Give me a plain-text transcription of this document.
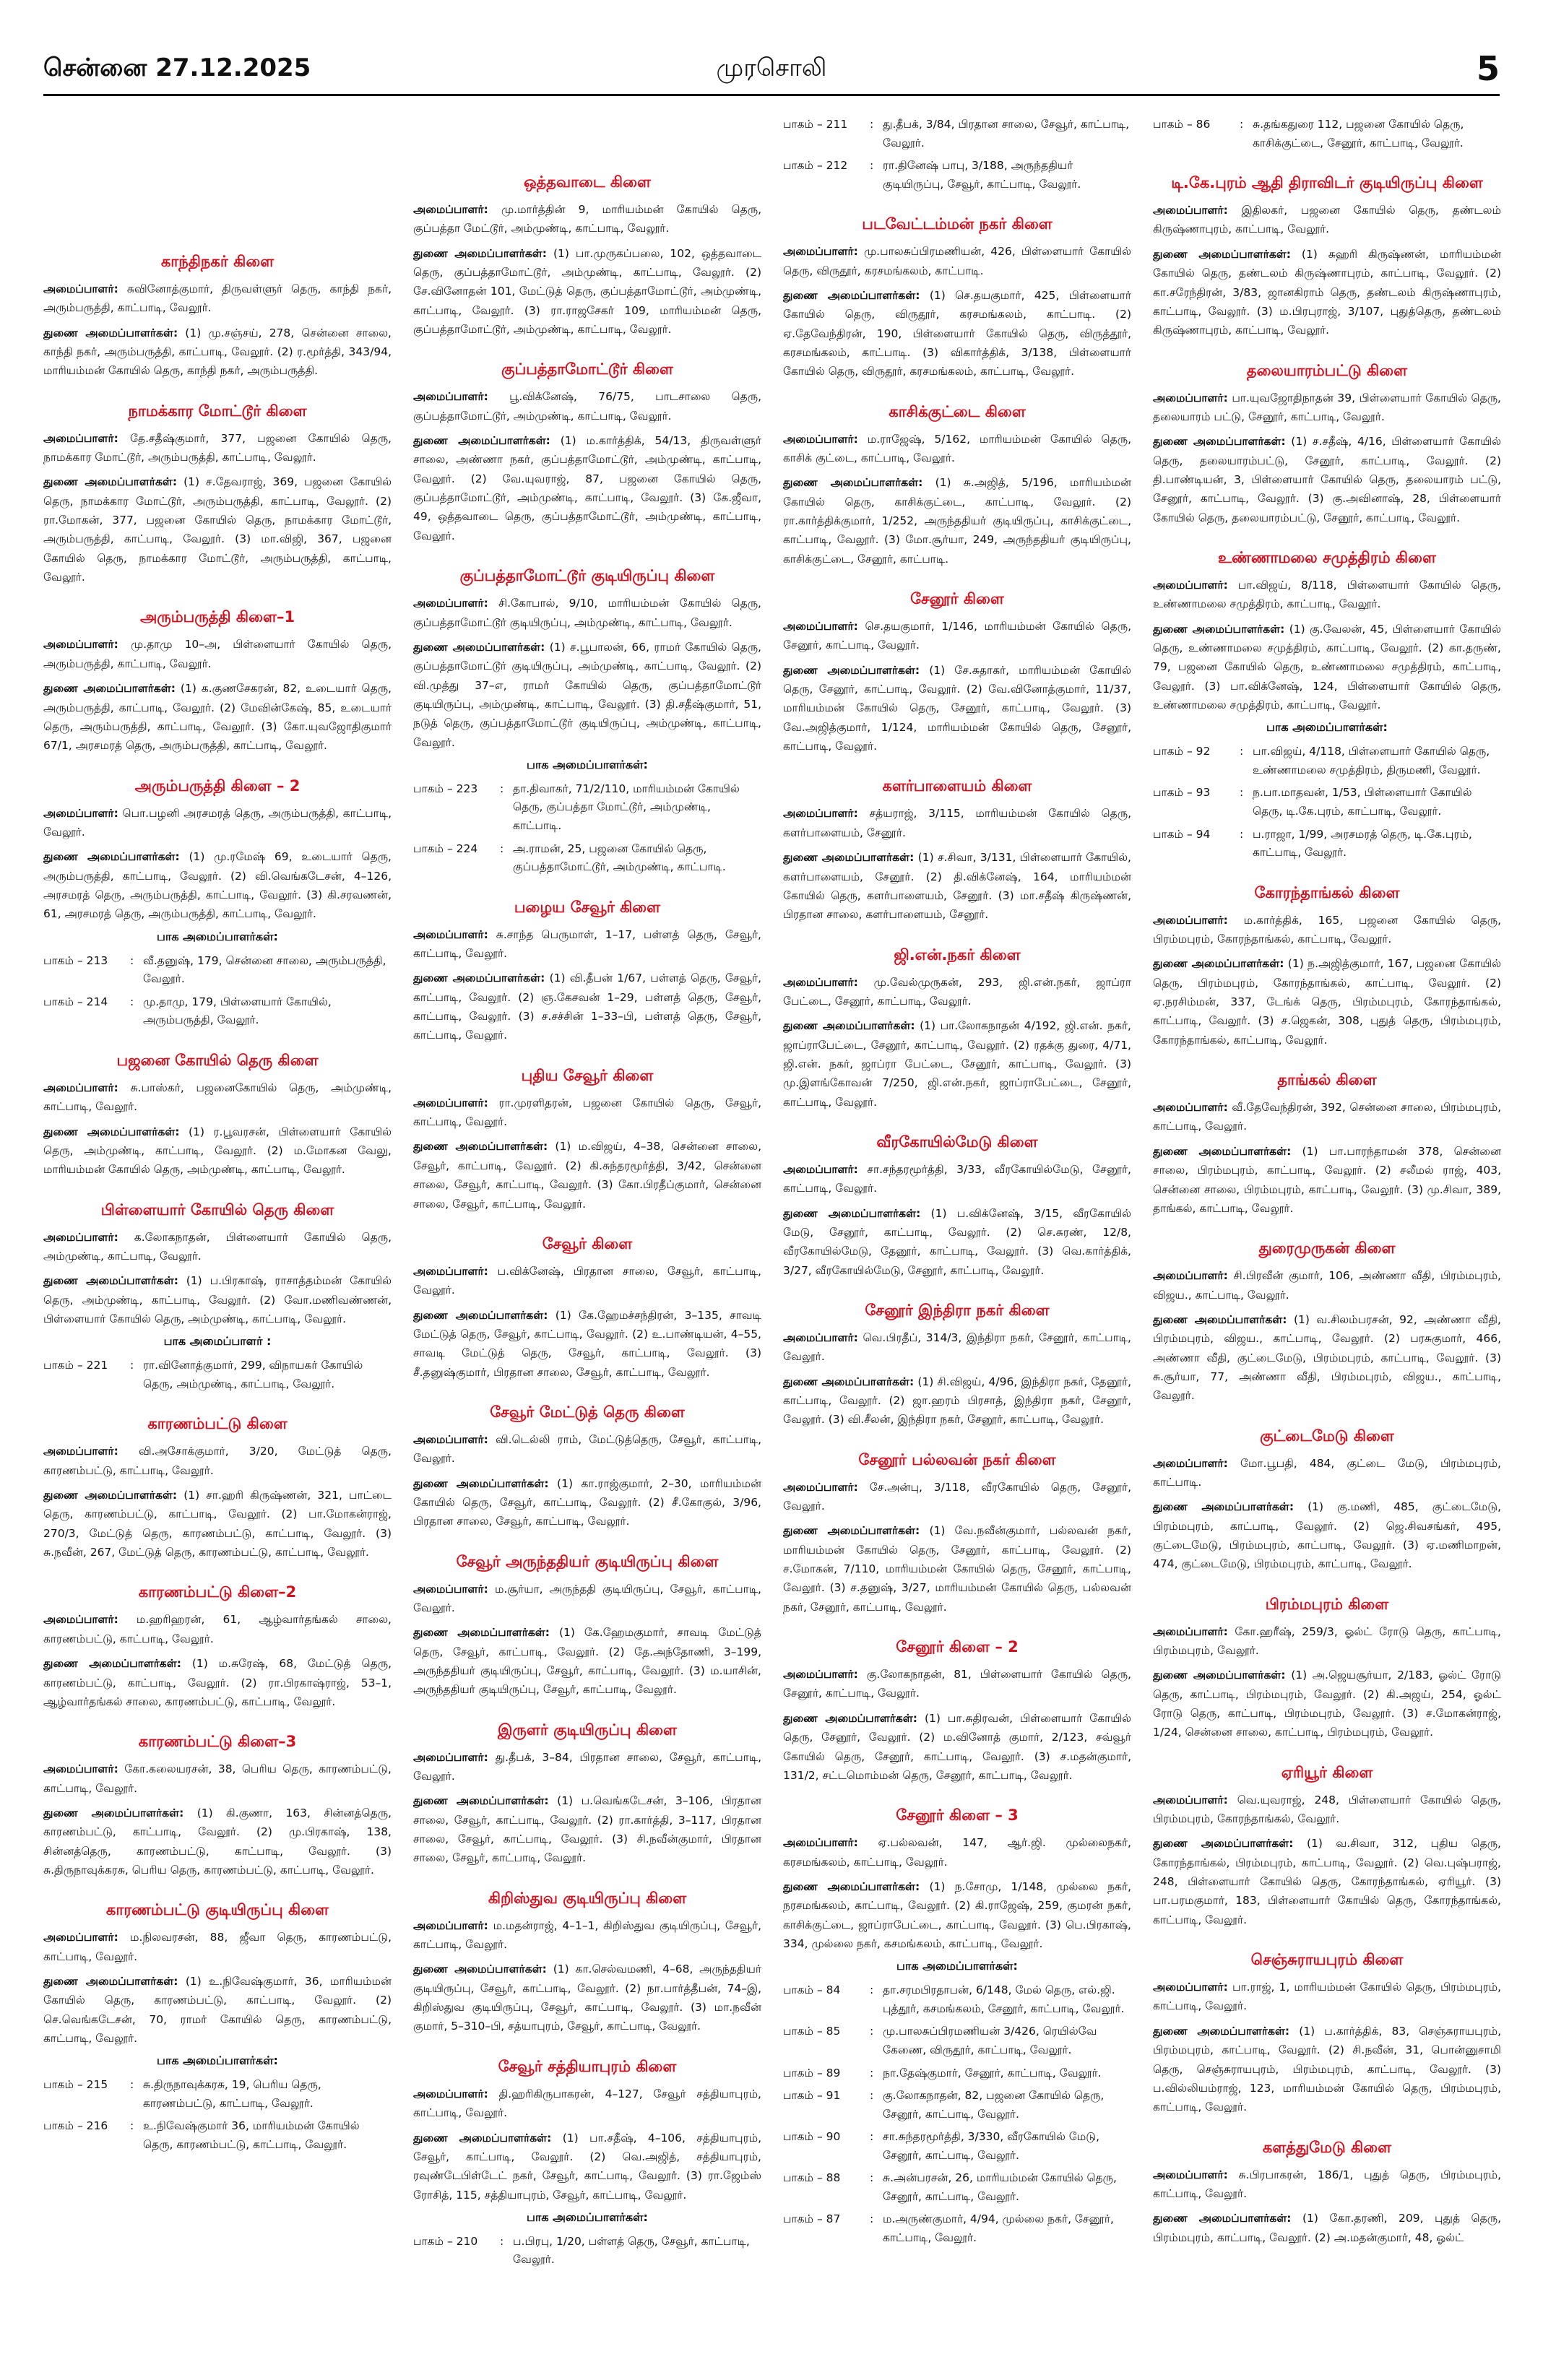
சென்னை 27.12.2025	முரசொலி	5
காந்திநகர் கிளை

அமைப்பாளர்: சுவினோத்குமார், திருவள்ளுர் தெரு, காந்தி நகர், அரும்பருத்தி, காட்பாடி, வேலூர்.

துணை அமைப்பாளர்கள்: (1) மு.சஞ்சய், 278, சென்னை சாலை, காந்தி நகர், அரும்பருத்தி, காட்பாடி, வேலூர். (2) ர.மூர்த்தி, 343/94, மாரியம்மன் கோயில் தெரு, காந்தி நகர், அரும்பருத்தி.

நாமக்கார மோட்டூர் கிளை

அமைப்பாளர்: தே.சதீஷ்குமார், 377, பஜனை கோயில் தெரு, நாமக்கார மோட்டூர், அரும்பருத்தி, காட்பாடி, வேலூர்.

துணை அமைப்பாளர்கள்: (1) ச.தேவராஜ், 369, பஜனை கோயில் தெரு, நாமக்கார மோட்டூர், அரும்பருத்தி, காட்பாடி, வேலூர். (2) ரா.மோகன், 377, பஜனை கோயில் தெரு, நாமக்கார மோட்டூர், அரும்பருத்தி, காட்பாடி, வேலூர். (3) மா.விஜி, 367, பஜனை கோயில் தெரு, நாமக்கார மோட்டூர், அரும்பருத்தி, காட்பாடி, வேலூர்.

அரும்பருத்தி கிளை–1

அமைப்பாளர்: மு.தாமு 10–அ, பிள்ளையார் கோயில் தெரு, அரும்பருத்தி, காட்பாடி, வேலூர்.

துணை அமைப்பாளர்கள்: (1) க.குணசேகரன், 82, உடையார் தெரு, அரும்பருத்தி, காட்பாடி, வேலூர். (2) மேவின்கேஷ், 85, உடையார் தெரு, அரும்பருத்தி, காட்பாடி, வேலூர். (3) கோ.யுவஜோதிகுமார் 67/1, அரசமரத் தெரு, அரும்பருத்தி, காட்பாடி, வேலூர்.

அரும்பருத்தி கிளை – 2

அமைப்பாளர்: பொ.பழனி அரசமரத் தெரு, அரும்பருத்தி, காட்பாடி, வேலூர்.

துணை அமைப்பாளர்கள்: (1) மு.ரமேஷ் 69, உடையார் தெரு, அரும்பருத்தி, காட்பாடி, வேலூர். (2) வி.வெங்கடேசன், 4–126, அரசமரத் தெரு, அரும்பருத்தி, காட்பாடி, வேலூர். (3) கி.சரவணன், 61, அரசமரத் தெரு, அரும்பருத்தி, காட்பாடி, வேலூர்.

பாக அமைப்பாளர்கள்:
பாகம் – 213	: வீ.தனுஷ், 179, சென்னை சாலை, அரும்பருத்தி, வேலூர்.
பாகம் – 214	: மு.தாமு, 179, பிள்ளையார் கோயில், அரும்பருத்தி, வேலூர்.
பஜனை கோயில் தெரு கிளை

அமைப்பாளர்: சு.பாஸ்கர், பஜனைகோயில் தெரு, அம்முண்டி, காட்பாடி, வேலூர்.

துணை அமைப்பாளர்கள்: (1) ர.பூவரசன், பிள்ளையார் கோயில் தெரு, அம்முண்டி, காட்பாடி, வேலூர். (2) ம.மோகன வேலு, மாரியம்மன் கோயில் தெரு, அம்முண்டி, காட்பாடி, வேலூர்.

பிள்ளையார் கோயில் தெரு கிளை

அமைப்பாளர்: க.லோகநாதன், பிள்ளையார் கோயில் தெரு, அம்முண்டி, காட்பாடி, வேலூர்.

துணை அமைப்பாளர்கள்: (1) ப.பிரகாஷ், ராசாத்தம்மன் கோயில் தெரு, அம்முண்டி, காட்பாடி, வேலூர். (2) வோ.மணிவண்ணன், பிள்ளையார் கோயில் தெரு, அம்முண்டி, காட்பாடி, வேலூர்.

பாக அமைப்பாளர் :
பாகம் – 221	: ரா.வினோத்குமார், 299, விநாயகர் கோயில் தெரு, அம்முண்டி, காட்பாடி, வேலூர்.
காரணம்பட்டு கிளை

அமைப்பாளர்: வி.அசோக்குமார், 3/20, மேட்டுத் தெரு, காரணம்பட்டு, காட்பாடி, வேலூர்.

துணை அமைப்பாளர்கள்: (1) சா.ஹரி கிருஷ்ணன், 321, பாட்டை தெரு, காரணம்பட்டு, காட்பாடி, வேலூர். (2) பா.மோகன்ராஜ், 270/3, மேட்டுத் தெரு, காரணம்பட்டு, காட்பாடி, வேலூர். (3) சு.நவீன், 267, மேட்டுத் தெரு, காரணம்பட்டு, காட்பாடி, வேலூர்.

காரணம்பட்டு கிளை–2

அமைப்பாளர்: ம.ஹரிஹரன், 61, ஆழ்வார்தங்கல் சாலை, காரணம்பட்டு, காட்பாடி, வேலூர்.

துணை அமைப்பாளர்கள்: (1) ம.சுரேஷ், 68, மேட்டுத் தெரு, காரணம்பட்டு, காட்பாடி, வேலூர். (2) ரா.பிரகாஷ்ராஜ், 53–1, ஆழ்வார்தங்கல் சாலை, காரணம்பட்டு, காட்பாடி, வேலூர்.

காரணம்பட்டு கிளை–3

அமைப்பாளர்: கோ.கலையரசன், 38, பெரிய தெரு, காரணம்பட்டு, காட்பாடி, வேலூர்.

துணை அமைப்பாளர்கள்: (1) கி.குணா, 163, சின்னத்தெரு, காரணம்பட்டு, காட்பாடி, வேலூர். (2) மு.பிரகாஷ், 138, சின்னத்தெரு, காரணம்பட்டு, காட்பாடி, வேலூர். (3) சு.திருநாவுக்கரசு, பெரிய தெரு, காரணம்பட்டு, காட்பாடி, வேலூர்.

காரணம்பட்டு குடியிருப்பு கிளை

அமைப்பாளர்: ம.நிலவரசன், 88, ஜீவா தெரு, காரணம்பட்டு, காட்பாடி, வேலூர்.

துணை அமைப்பாளர்கள்: (1) உ.நிவேஷ்குமார், 36, மாரியம்மன் கோயில் தெரு, காரணம்பட்டு, காட்பாடி, வேலூர். (2) செ.வெங்கடேசன், 70, ராமர் கோயில் தெரு, காரணம்பட்டு, காட்பாடி, வேலூர்.

பாக அமைப்பாளர்கள்:
பாகம் – 215	: சு.திருநாவுக்கரசு, 19, பெரிய தெரு, காரணம்பட்டு, காட்பாடி, வேலூர்.
பாகம் – 216	: உ.நிவேஷ்குமார் 36, மாரியம்மன் கோயில் தெரு, காரணம்பட்டு, காட்பாடி, வேலூர்.
ஒத்தவாடை கிளை

அமைப்பாளர்: மு.மார்த்தின் 9, மாரியம்மன் கோயில் தெரு, குப்பத்தா மேட்டூர், அம்முண்டி, காட்பாடி, வேலூர்.

துணை அமைப்பாளர்கள்: (1) பா.முருகப்பலை, 102, ஒத்தவாடை தெரு, குப்பத்தாமோட்டூர், அம்முண்டி, காட்பாடி, வேலூர். (2) சே.வினோதன் 101, மேட்டுத் தெரு, குப்பத்தாமோட்டூர், அம்முண்டி, காட்பாடி, வேலூர். (3) ரா.ராஜசேகர் 109, மாரியம்மன் தெரு, குப்பத்தாமோட்டூர், அம்முண்டி, காட்பாடி, வேலூர்.

குப்பத்தாமோட்டூர் கிளை

அமைப்பாளர்: பூ.விக்னேஷ், 76/75, பாடசாலை தெரு, குப்பத்தாமோட்டூர், அம்முண்டி, காட்பாடி, வேலூர்.

துணை அமைப்பாளர்கள்: (1) ம.கார்த்திக், 54/13, திருவள்ளுர் சாலை, அண்ணா நகர், குப்பத்தாமோட்டூர், அம்முண்டி, காட்பாடி, வேலூர். (2) வே.யுவராஜ், 87, பஜனை கோயில் தெரு, குப்பத்தாமோட்டூர், அம்முண்டி, காட்பாடி, வேலூர். (3) கே.ஜீவா, 49, ஒத்தவாடை தெரு, குப்பத்தாமோட்டூர், அம்முண்டி, காட்பாடி, வேலூர்.

குப்பத்தாமோட்டூர் குடியிருப்பு கிளை

அமைப்பாளர்: சி.கோபால், 9/10, மாரியம்மன் கோயில் தெரு, குப்பத்தாமோட்டூர் குடியிருப்பு, அம்முண்டி, காட்பாடி, வேலூர்.

துணை அமைப்பாளர்கள்: (1) ச.பூபாலன், 66, ராமர் கோயில் தெரு, குப்பத்தாமோட்டூர் குடியிருப்பு, அம்முண்டி, காட்பாடி, வேலூர். (2) வி.முத்து 37–எ, ராமர் கோயில் தெரு, குப்பத்தாமோட்டூர் குடியிருப்பு, அம்முண்டி, காட்பாடி, வேலூர். (3) தி.சதீஷ்குமார், 51, நடுத் தெரு, குப்பத்தாமோட்டூர் குடியிருப்பு, அம்முண்டி, காட்பாடி, வேலூர்.

பாக அமைப்பாளர்கள்:
பாகம் – 223	: தா.திவாகர், 71/2/110, மாரியம்மன் கோயில் தெரு, குப்பத்தா மோட்டூர், அம்முண்டி, காட்பாடி.
பாகம் – 224	: அ.ராமன், 25, பஜனை கோயில் தெரு, குப்பத்தாமோட்டூர், அம்முண்டி, காட்பாடி.
பழைய சேவூர் கிளை

அமைப்பாளர்: சு.சாந்த பெருமாள், 1–17, பள்ளத் தெரு, சேவூர், காட்பாடி, வேலூர்.

துணை அமைப்பாளர்கள்: (1) வி.தீபன் 1/67, பள்ளத் தெரு, சேவூர், காட்பாடி, வேலூர். (2) ஞ.கேசவன் 1–29, பள்ளத் தெரு, சேவூர், காட்பாடி, வேலூர். (3) ச.சச்சின் 1–33–பி, பள்ளத் தெரு, சேவூர், காட்பாடி, வேலூர்.

புதிய சேவூர் கிளை

அமைப்பாளர்: ரா.முரளிதரன், பஜனை கோயில் தெரு, சேவூர், காட்பாடி, வேலூர்.

துணை அமைப்பாளர்கள்: (1) ம.விஜய், 4–38, சென்னை சாலை, சேவூர், காட்பாடி, வேலூர். (2) கி.சுந்தரமூர்த்தி, 3/42, சென்னை சாலை, சேவூர், காட்பாடி, வேலூர். (3) கோ.பிரதீப்குமார், சென்னை சாலை, சேவூர், காட்பாடி, வேலூர்.

சேவூர் கிளை

அமைப்பாளர்: ப.விக்னேஷ், பிரதான சாலை, சேவூர், காட்பாடி, வேலூர்.

துணை அமைப்பாளர்கள்: (1) கே.ஹேமச்சந்திரன், 3–135, சாவடி மேட்டுத் தெரு, சேவூர், காட்பாடி, வேலூர். (2) உ.பாண்டியன், 4–55, சாவடி மேட்டுத் தெரு, சேவூர், காட்பாடி, வேலூர். (3) சீ.தனுஷ்குமார், பிரதான சாலை, சேவூர், காட்பாடி, வேலூர்.

சேவூர் மேட்டுத் தெரு கிளை

அமைப்பாளர்: வி.டெல்லி ராம், மேட்டுத்தெரு, சேவூர், காட்பாடி, வேலூர்.

துணை அமைப்பாளர்கள்: (1) கா.ராஜ்குமார், 2–30, மாரியம்மன் கோயில் தெரு, சேவூர், காட்பாடி, வேலூர். (2) சீ.கோகுல், 3/96, பிரதான சாலை, சேவூர், காட்பாடி, வேலூர்.

சேவூர் அருந்ததியர் குடியிருப்பு கிளை

அமைப்பாளர்: ம.சூர்யா, அருந்ததி குடியிருப்பு, சேவூர், காட்பாடி, வேலூர்.

துணை அமைப்பாளர்கள்: (1) கே.ஹேமகுமார், சாவடி மேட்டுத் தெரு, சேவூர், காட்பாடி, வேலூர். (2) தே.அந்தோணி, 3–199, அருந்ததியர் குடியிருப்பு, சேவூர், காட்பாடி, வேலூர். (3) ம.யாசின், அருந்ததியர் குடியிருப்பு, சேவூர், காட்பாடி, வேலூர்.

இருளர் குடியிருப்பு கிளை

அமைப்பாளர்: து.தீபக், 3–84, பிரதான சாலை, சேவூர், காட்பாடி, வேலூர்.

துணை அமைப்பாளர்கள்: (1) ப.வெங்கடேசன், 3–106, பிரதான சாலை, சேவூர், காட்பாடி, வேலூர். (2) ரா.கார்த்தி, 3–117, பிரதான சாலை, சேவூர், காட்பாடி, வேலூர். (3) சி.நவீன்குமார், பிரதான சாலை, சேவூர், காட்பாடி, வேலூர்.

கிறிஸ்துவ குடியிருப்பு கிளை

அமைப்பாளர்: ம.மதன்ராஜ், 4–1–1, கிறிஸ்துவ குடியிருப்பு, சேவூர், காட்பாடி, வேலூர்.

துணை அமைப்பாளர்கள்: (1) கா.செல்வமணி, 4–68, அருந்ததியர் குடியிருப்பு, சேவூர், காட்பாடி, வேலூர். (2) நா.பார்த்தீபன், 74–இ, கிறிஸ்துவ குடியிருப்பு, சேவூர், காட்பாடி, வேலூர். (3) மா.நவீன் குமார், 5–310–பி, சத்யாபுரம், சேவூர், காட்பாடி, வேலூர்.

சேவூர் சத்தியாபுரம் கிளை

அமைப்பாளர்: தி.ஹரிகிருபாகரன், 4–127, சேவூர் சத்தியாபுரம், காட்பாடி, வேலூர்.

துணை அமைப்பாளர்கள்: (1) பா.சதீஷ், 4–106, சத்தியாபுரம், சேவூர், காட்பாடி, வேலூர். (2) வெ.அஜித், சத்தியாபுரம், ரவுண்டேபிள்டேட் நகர், சேவூர், காட்பாடி, வேலூர். (3) ரா.ஜேம்ஸ் ரோசித், 115, சத்தியாபுரம், சேவூர், காட்பாடி, வேலூர்.

பாக அமைப்பாளர்கள்:
பாகம் – 210	: ப.பிரபு, 1/20, பள்ளத் தெரு, சேவூர், காட்பாடி, வேலூர்.
பாகம் – 211	: து.தீபக், 3/84, பிரதான சாலை, சேவூர், காட்பாடி, வேலூர்.
பாகம் – 212	: ரா.தினேஷ் பாபு, 3/188, அருந்ததியர் குடியிருப்பு, சேவூர், காட்பாடி, வேலூர்.
படவேட்டம்மன் நகர் கிளை

அமைப்பாளர்: மு.பாலசுப்பிரமணியன், 426, பிள்ளையார் கோயில் தெரு, விருதூர், கரசமங்கலம், காட்பாடி.

துணை அமைப்பாளர்கள்: (1) செ.தயகுமார், 425, பிள்ளையார் கோயில் தெரு, விருதூர், கரசமங்கலம், காட்பாடி. (2) ஏ.தேவேந்திரன், 190, பிள்ளையார் கோயில் தெரு, விருத்தூர், கரசமங்கலம், காட்பாடி. (3) விகார்த்திக், 3/138, பிள்ளையார் கோயில் தெரு, விருதூர், கரசமங்கலம், காட்பாடி, வேலூர்.

காசிக்குட்டை கிளை

அமைப்பாளர்: ம.ராஜேஷ், 5/162, மாரியம்மன் கோயில் தெரு, காசிக் குட்டை, காட்பாடி, வேலூர்.

துணை அமைப்பாளர்கள்: (1) சு.அஜித், 5/196, மாரியம்மன் கோயில் தெரு, காசிக்குட்டை, காட்பாடி, வேலூர். (2) ரா.கார்த்திக்குமார், 1/252, அருந்ததியர் குடியிருப்பு, காசிக்குட்டை, காட்பாடி, வேலூர். (3) மோ.சூர்யா, 249, அருந்ததியர் குடியிருப்பு, காசிக்குட்டை, சேனூர், காட்பாடி.

சேனூர் கிளை

அமைப்பாளர்: செ.தயகுமார், 1/146, மாரியம்மன் கோயில் தெரு, சேனூர், காட்பாடி, வேலூர்.

துணை அமைப்பாளர்கள்: (1) சே.சுதாகர், மாரியம்மன் கோயில் தெரு, சேனூர், காட்பாடி, வேலூர். (2) வே.வினோத்குமார், 11/37, மாரியம்மன் கோயில் தெரு, சேனூர், காட்பாடி, வேலூர். (3) வே.அஜித்குமார், 1/124, மாரியம்மன் கோயில் தெரு, சேனூர், காட்பாடி, வேலூர்.

களர்பாளையம் கிளை

அமைப்பாளர்: சத்யராஜ், 3/115, மாரியம்மன் கோயில் தெரு, களர்பாளையம், சேனூர்.

துணை அமைப்பாளர்கள்: (1) ச.சிவா, 3/131, பிள்ளையார் கோயில், களர்பாளையம், சேனூர். (2) தி.விக்னேஷ், 164, மாரியம்மன் கோயில் தெரு, களர்பாளையம், சேனூர். (3) மா.சதீஷ் கிருஷ்ணன், பிரதான சாலை, களர்பாளையம், சேனூர்.

ஜி.என்.நகர் கிளை

அமைப்பாளர்: மு.வேல்முருகன், 293, ஜி.என்.நகர், ஜாப்ரா பேட்டை, சேனூர், காட்பாடி, வேலூர்.

துணை அமைப்பாளர்கள்: (1) பா.லோகநாதன் 4/192, ஜி.என். நகர், ஜாப்ராபேட்டை, சேனூர், காட்பாடி, வேலூர். (2) ரதக்கு துரை, 4/71, ஜி.என். நகர், ஜாப்ரா பேட்டை, சேனூர், காட்பாடி, வேலூர். (3) மு.இளங்கோவன் 7/250, ஜி.என்.நகர், ஜாப்ராபேட்டை, சேனூர், காட்பாடி, வேலூர்.

வீரகோயில்மேடு கிளை

அமைப்பாளர்: சா.சந்தரமூர்த்தி, 3/33, வீரகோயில்மேடு, சேனூர், காட்பாடி, வேலூர்.

துணை அமைப்பாளர்கள்: (1) ப.விக்னேஷ், 3/15, வீரகோயில் மேடு, சேனூர், காட்பாடி, வேலூர். (2) செ.சுரண், 12/8, வீரகோயில்மேடு, தேனூர், காட்பாடி, வேலூர். (3) வெ.கார்த்திக், 3/27, வீரகோயில்மேடு, சேனூர், காட்பாடி, வேலூர்.

சேனூர் இந்திரா நகர் கிளை

அமைப்பாளர்: வெ.பிரதீப், 314/3, இந்திரா நகர், சேனூர், காட்பாடி, வேலூர்.

துணை அமைப்பாளர்கள்: (1) சி.விஜய், 4/96, இந்திரா நகர், தேனூர், காட்பாடி, வேலூர். (2) ஜா.ஹரம் பிரசாத், இந்திரா நகர், சேனூர், வேலூர். (3) வி.சீலன், இந்திரா நகர், சேனூர், காட்பாடி, வேலூர்.

சேனூர் பல்லவன் நகர் கிளை

அமைப்பாளர்: சே.அன்பு, 3/118, வீரகோயில் தெரு, சேனூர், வேலூர்.

துணை அமைப்பாளர்கள்: (1) வே.நவீன்குமார், பல்லவன் நகர், மாரியம்மன் கோயில் தெரு, சேனூர், காட்பாடி, வேலூர். (2) ச.மோகன், 7/110, மாரியம்மன் கோயில் தெரு, சேனூர், காட்பாடி, வேலூர். (3) ச.தனுஷ், 3/27, மாரியம்மன் கோயில் தெரு, பல்லவன் நகர், சேனூர், காட்பாடி, வேலூர்.

சேனூர் கிளை – 2

அமைப்பாளர்: கு.லோகநாதன், 81, பிள்ளையார் கோயில் தெரு, சேனூர், காட்பாடி, வேலூர்.

துணை அமைப்பாளர்கள்: (1) பா.சுதிரவன், பிள்ளையார் கோயில் தெரு, சேனூர், வேலூர். (2) ம.வினோத் குமார், 2/123, சவ்வூர் கோயில் தெரு, சேனூர், காட்பாடி, வேலூர். (3) ச.மதன்குமார், 131/2, சட்டமொம்மன் தெரு, சேனூர், காட்பாடி, வேலூர்.

சேனூர் கிளை – 3

அமைப்பாளர்: ஏ.பல்லவன், 147, ஆர்.ஜி. முல்லைநகர், கரசமங்கலம், காட்பாடி, வேலூர்.

துணை அமைப்பாளர்கள்: (1) ந.சோமு, 1/148, முல்லை நகர், நரசமங்கலம், காட்பாடி, வேலூர். (2) கி.ராஜேஷ், 259, குமரன் நகர், காசிக்குட்டை, ஜாப்ராபேட்டை, காட்பாடி, வேலூர். (3) பெ.பிரகாஷ், 334, முல்லை நகர், கசமங்கலம், காட்பாடி, வேலூர்.

பாக அமைப்பாளர்கள்:
பாகம் – 84	: தா.சரமபிரதாபன், 6/148, மேல் தெரு, எல்.ஜி. புத்தூர், கசமங்கலம், சேனூர், காட்பாடி, வேலூர்.
பாகம் – 85	: மு.பாலசுப்பிரமணியன் 3/426, ரெயில்வே கேணை, விருதூர், காட்பாடி, வேலூர்.
பாகம் – 89	: நா.தேஷ்குமார், சேனூர், காட்பாடி, வேலூர்.
பாகம் – 91	: கு.லோகநாதன், 82, பஜனை கோயில் தெரு, சேனூர், காட்பாடி, வேலூர்.
பாகம் – 90	: சா.சுந்தரமூர்த்தி, 3/330, வீரகோயில் மேடு, சேனூர், காட்பாடி, வேலூர்.
பாகம் – 88	: சு.அன்பரசன், 26, மாரியம்மன் கோயில் தெரு, சேனூர், காட்பாடி, வேலூர்.
பாகம் – 87	: ம.அருண்குமார், 4/94, முல்லை நகர், சேனூர், காட்பாடி, வேலூர்.
பாகம் – 86	: சு.தங்கதுரை 112, பஜனை கோயில் தெரு, காசிக்குட்டை, சேனூர், காட்பாடி, வேலூர்.
டி.கே.புரம் ஆதி திராவிடர் குடியிருப்பு கிளை

அமைப்பாளர்: இதிலகர், பஜனை கோயில் தெரு, தண்டலம் கிருஷ்ணாபுரம், காட்பாடி, வேலூர்.

துணை அமைப்பாளர்கள்: (1) சுஹரி கிருஷ்ணன், மாரியம்மன் கோயில் தெரு, தண்டலம் கிருஷ்ணாபுரம், காட்பாடி, வேலூர். (2) கா.சரேந்திரன், 3/83, ஜானகிராம் தெரு, தண்டலம் கிருஷ்ணாபுரம், காட்பாடி, வேலூர். (3) ம.பிரபுராஜ், 3/107, புதுத்தெரு, தண்டலம் கிருஷ்ணாபுரம், காட்பாடி, வேலூர்.

தலையாரம்பட்டு கிளை

அமைப்பாளர்: பா.யுவஜோதிநாதன் 39, பிள்ளையார் கோயில் தெரு, தலையாரம் பட்டு, சேனூர், காட்பாடி, வேலூர்.

துணை அமைப்பாளர்கள்: (1) ச.சதீஷ், 4/16, பிள்ளையார் கோயில் தெரு, தலையாரம்பட்டு, சேனூர், காட்பாடி, வேலூர். (2) தி.பாண்டியன், 3, பிள்ளையார் கோயில் தெரு, தலையாரம் பட்டு, சேனூர், காட்பாடி, வேலூர். (3) கு.அவினாஷ், 28, பிள்ளையார் கோயில் தெரு, தலையாரம்பட்டு, சேனூர், காட்பாடி, வேலூர்.

உண்ணாமலை சமுத்திரம் கிளை

அமைப்பாளர்: பா.விஜய், 8/118, பிள்ளையார் கோயில் தெரு, உண்ணாமலை சமுத்திரம், காட்பாடி, வேலூர்.

துணை அமைப்பாளர்கள்: (1) கு.வேலன், 45, பிள்ளையார் கோயில் தெரு, உண்ணாமலை சமுத்திரம், காட்பாடி, வேலூர். (2) கா.தருண், 79, பஜனை கோயில் தெரு, உண்ணாமலை சமுத்திரம், காட்பாடி, வேலூர். (3) பா.விக்னேஷ், 124, பிள்ளையார் கோயில் தெரு, உண்ணாமலை சமுத்திரம், காட்பாடி, வேலூர்.

பாக அமைப்பாளர்கள்:
பாகம் – 92	: பா.விஜய், 4/118, பிள்ளையார் கோயில் தெரு, உண்ணாமலை சமுத்திரம், திருமணி, வேலூர்.
பாகம் – 93	: ந.பா.மாதவன், 1/53, பிள்ளையார் கோயில் தெரு, டி.கே.புரம், காட்பாடி, வேலூர்.
பாகம் – 94	: ப.ராஜா, 1/99, அரசமரத் தெரு, டி.கே.புரம், காட்பாடி, வேலூர்.
கோரந்தாங்கல் கிளை

அமைப்பாளர்: ம.கார்த்திக், 165, பஜனை கோயில் தெரு, பிரம்மபுரம், கோரந்தாங்கல், காட்பாடி, வேலூர்.

துணை அமைப்பாளர்கள்: (1) ந.அஜித்குமார், 167, பஜனை கோயில் தெரு, பிரம்மபுரம், கோரந்தாங்கல், காட்பாடி, வேலூர். (2) ஏ.நரசிம்மன், 337, டேங்க் தெரு, பிரம்மபுரம், கோரந்தாங்கல், காட்பாடி, வேலூர். (3) ச.ஜெகன், 308, புதுத் தெரு, பிரம்மபுரம், கோரந்தாங்கல், காட்பாடி, வேலூர்.

தாங்கல் கிளை

அமைப்பாளர்: வீ.தேவேந்திரன், 392, சென்னை சாலை, பிரம்மபுரம், காட்பாடி, வேலூர்.

துணை அமைப்பாளர்கள்: (1) பா.பாரந்தாமன் 378, சென்னை சாலை, பிரம்மபுரம், காட்பாடி, வேலூர். (2) சலீமல் ராஜ், 403, சென்னை சாலை, பிரம்மபுரம், காட்பாடி, வேலூர். (3) மு.சிவா, 389, தாங்கல், காட்பாடி, வேலூர்.

துரைமுருகன் கிளை

அமைப்பாளர்: சி.பிரவீன் குமார், 106, அண்ணா வீதி, பிரம்மபுரம், விஜய., காட்பாடி, வேலூர்.

துணை அமைப்பாளர்கள்: (1) வ.சிலம்பரசன், 92, அண்ணா வீதி, பிரம்மபுரம், விஜய., காட்பாடி, வேலூர். (2) பரசுகுமார், 466, அண்ணா வீதி, குட்டைமேடு, பிரம்மபுரம், காட்பாடி, வேலூர். (3) சு.சூர்யா, 77, அண்ணா வீதி, பிரம்மபுரம், விஜய., காட்பாடி, வேலூர்.

குட்டைமேடு கிளை

அமைப்பாளர்: மோ.பூபதி, 484, குட்டை மேடு, பிரம்மபுரம், காட்பாடி.

துணை அமைப்பாளர்கள்: (1) கு.மணி, 485, குட்டைமேடு, பிரம்மபுரம், காட்பாடி, வேலூர். (2) ஜெ.சிவசங்கர், 495, குட்டைமேடு, பிரம்மபுரம், காட்பாடி, வேலூர். (3) ஏ.மணிமாறன், 474, குட்டைமேடு, பிரம்மபுரம், காட்பாடி, வேலூர்.

பிரம்மபுரம் கிளை

அமைப்பாளர்: கோ.ஹரீஷ், 259/3, ஓல்ட் ரோடு தெரு, காட்பாடி, பிரம்மபுரம், வேலூர்.

துணை அமைப்பாளர்கள்: (1) அ.ஜெயசூர்யா, 2/183, ஓல்ட் ரோடு தெரு, காட்பாடி, பிரம்மபுரம், வேலூர். (2) கி.அஜய், 254, ஓல்ட் ரோடு தெரு, காட்பாடி, பிரம்மபுரம், வேலூர். (3) ச.மோகன்ராஜ், 1/24, சென்னை சாலை, காட்பாடி, பிரம்மபுரம், வேலூர்.

ஏரியூர் கிளை

அமைப்பாளர்: வெ.யுவராஜ், 248, பிள்ளையார் கோயில் தெரு, பிரம்மபுரம், கோரந்தாங்கல், வேலூர்.

துணை அமைப்பாளர்கள்: (1) வ.சிவா, 312, புதிய தெரு, கோரந்தாங்கல், பிரம்மபுரம், காட்பாடி, வேலூர். (2) வெ.புஷ்பராஜ், 248, பிள்ளையார் கோயில் தெரு, கோரந்தாங்கல், ஏரியூர். (3) பா.பரமகுமார், 183, பிள்ளையார் கோயில் தெரு, கோரந்தாங்கல், காட்பாடி, வேலூர்.

செஞ்சுராயபுரம் கிளை

அமைப்பாளர்: பா.ராஜ், 1, மாரியம்மன் கோயில் தெரு, பிரம்மபுரம், காட்பாடி, வேலூர்.

துணை அமைப்பாளர்கள்: (1) ப.கார்த்திக், 83, செஞ்சுராயபுரம், பிரம்மபுரம், காட்பாடி, வேலூர். (2) சி.நவீன், 31, பொன்னுசாமி தெரு, செஞ்சுராயபுரம், பிரம்மபுரம், காட்பாடி, வேலூர். (3) ப.வில்லியம்ராஜ், 123, மாரியம்மன் கோயில் தெரு, பிரம்மபுரம், காட்பாடி, வேலூர்.

களத்துமேடு கிளை

அமைப்பாளர்: சு.பிரபாகரன், 186/1, புதுத் தெரு, பிரம்மபுரம், காட்பாடி, வேலூர்.

துணை அமைப்பாளர்கள்: (1) கோ.தரணி, 209, புதுத் தெரு, பிரம்மபுரம், காட்பாடி, வேலூர். (2) அ.மதன்குமார், 48, ஓல்ட்
